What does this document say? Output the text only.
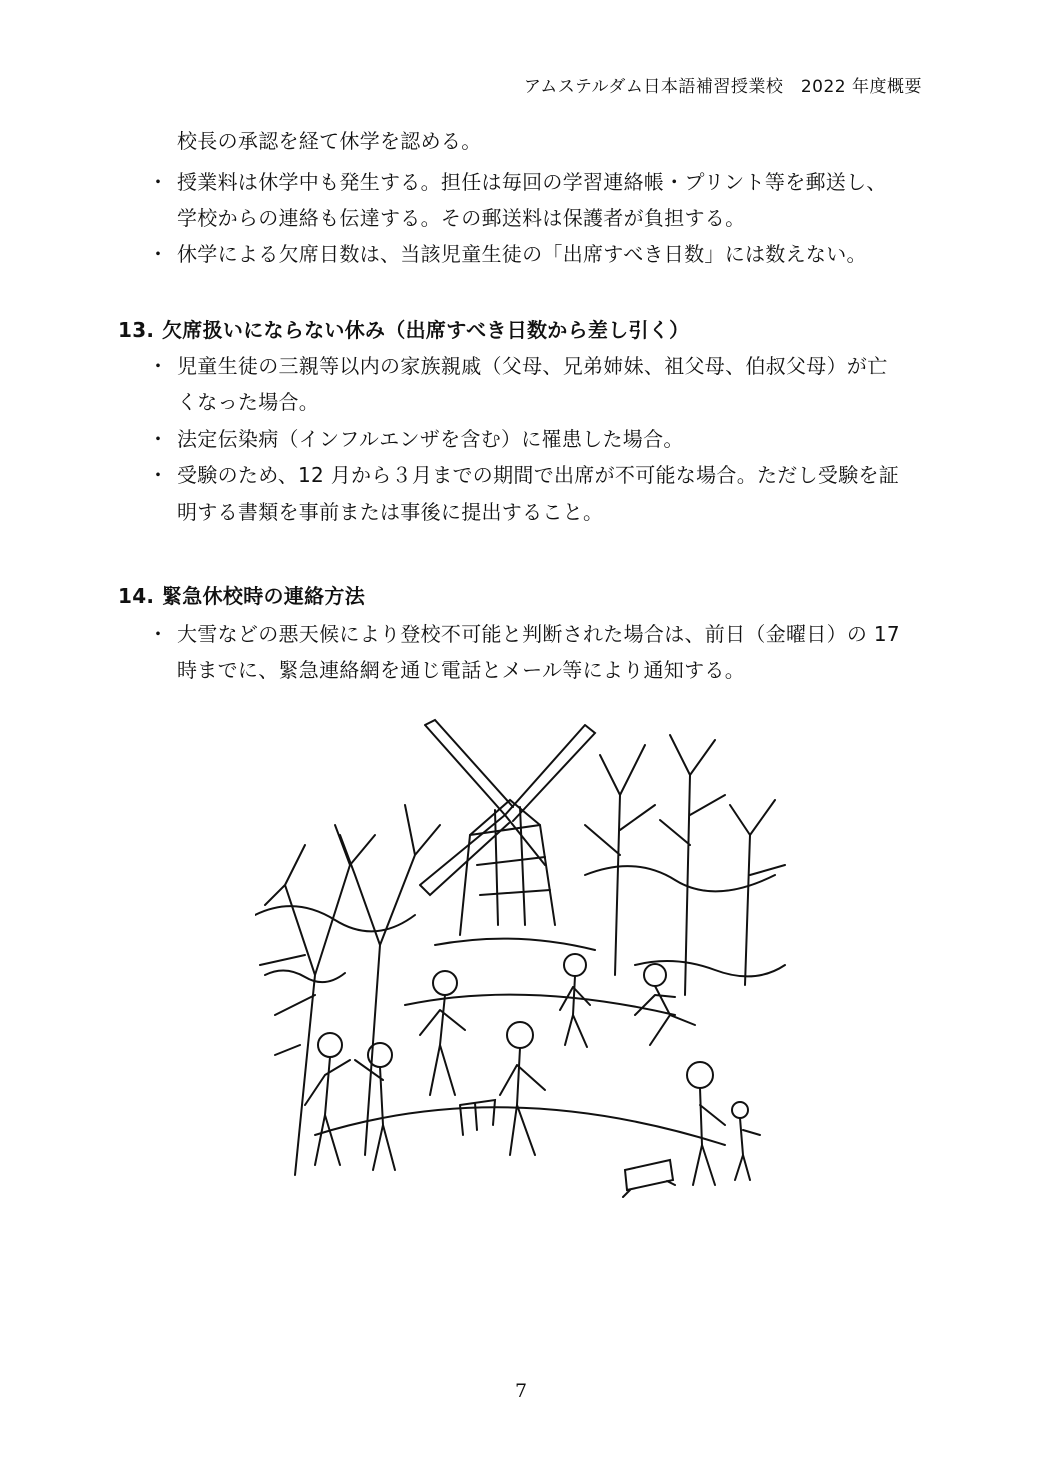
アムステルダム日本語補習授業校　2022 年度概要
校長の承認を経て休学を認める。
・ 授業料は休学中も発生する。担任は毎回の学習連絡帳・プリント等を郵送し、
学校からの連絡も伝達する。その郵送料は保護者が負担する。
・ 休学による欠席日数は、当該児童生徒の「出席すべき日数」には数えない。
13. 欠席扱いにならない休み（出席すべき日数から差し引く）
・ 児童生徒の三親等以内の家族親戚（父母、兄弟姉妹、祖父母、伯叔父母）が亡
くなった場合。
・ 法定伝染病（インフルエンザを含む）に罹患した場合。
・ 受験のため、12 月から３月までの期間で出席が不可能な場合。ただし受験を証
明する書類を事前または事後に提出すること。
14. 緊急休校時の連絡方法
・ 大雪などの悪天候により登校不可能と判断された場合は、前日（金曜日）の 17
時までに、緊急連絡網を通じ電話とメール等により通知する。
7
